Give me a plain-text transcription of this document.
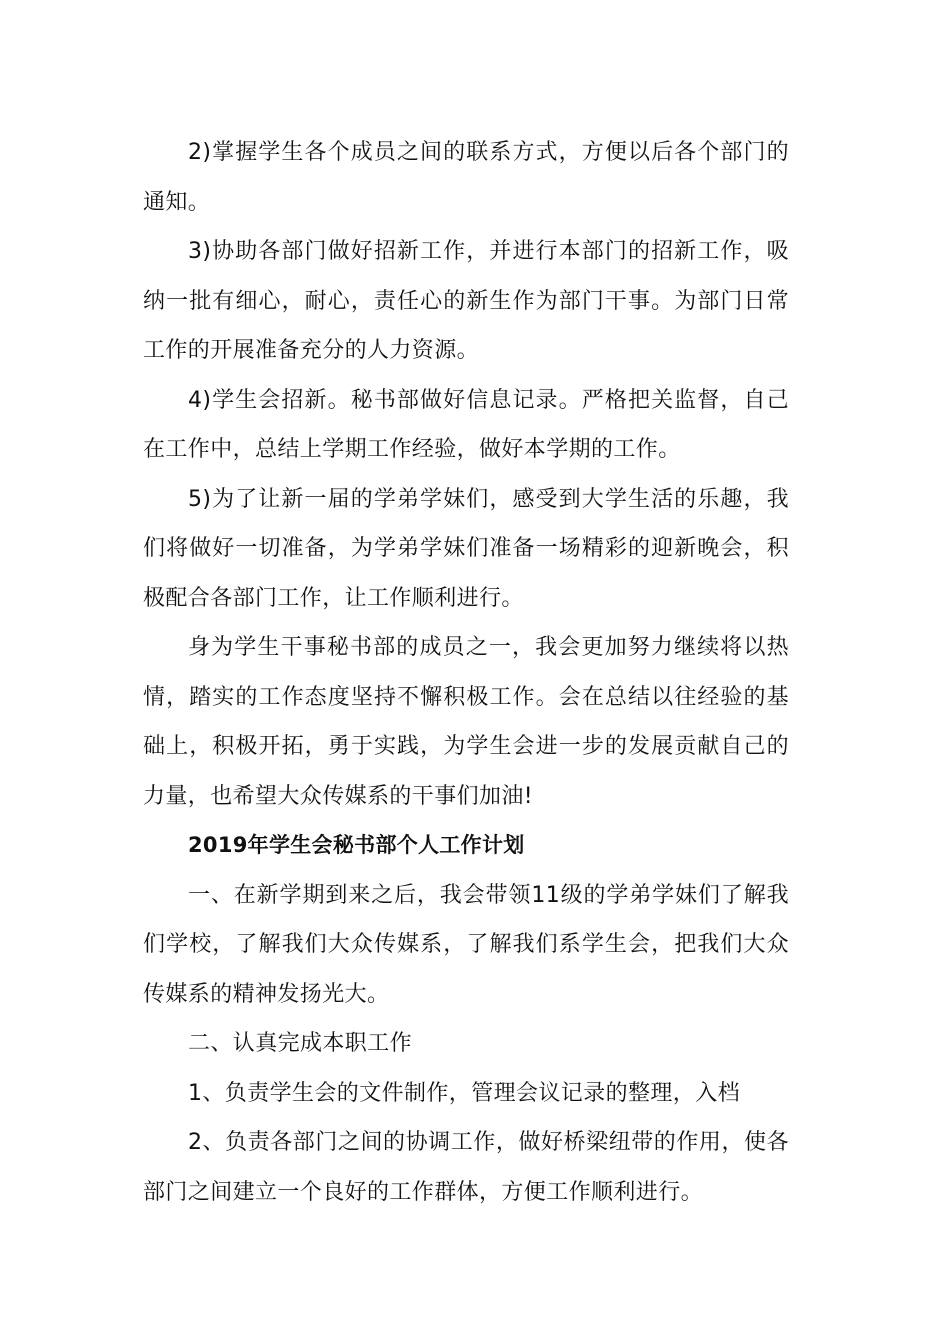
2)掌握学生各个成员之间的联系方式，方便以后各个部门的通知。

3)协助各部门做好招新工作，并进行本部门的招新工作，吸纳一批有细心，耐心，责任心的新生作为部门干事。为部门日常工作的开展准备充分的人力资源。

4)学生会招新。秘书部做好信息记录。严格把关监督，自己在工作中，总结上学期工作经验，做好本学期的工作。

5)为了让新一届的学弟学妹们，感受到大学生活的乐趣，我们将做好一切准备，为学弟学妹们准备一场精彩的迎新晚会，积极配合各部门工作，让工作顺利进行。

身为学生干事秘书部的成员之一，我会更加努力继续将以热情，踏实的工作态度坚持不懈积极工作。会在总结以往经验的基础上，积极开拓，勇于实践，为学生会进一步的发展贡献自己的力量，也希望大众传媒系的干事们加油!

2019年学生会秘书部个人工作计划

一、在新学期到来之后，我会带领11级的学弟学妹们了解我们学校，了解我们大众传媒系，了解我们系学生会，把我们大众传媒系的精神发扬光大。

二、认真完成本职工作

1、负责学生会的文件制作，管理会议记录的整理，入档

2、负责各部门之间的协调工作，做好桥梁纽带的作用，使各部门之间建立一个良好的工作群体，方便工作顺利进行。
